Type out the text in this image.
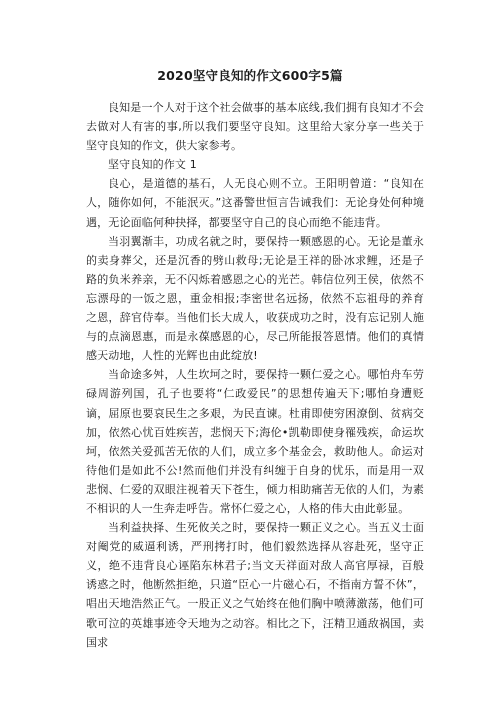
2020坚守良知的作文600字5篇

良知是一个人对于这个社会做事的基本底线,我们拥有良知才不会去做对人有害的事,所以我们要坚守良知。这里给大家分享一些关于坚守良知的作文，供大家参考。

坚守良知的作文 1

良心，是道德的基石，人无良心则不立。王阳明曾道：“良知在人，随你如何，不能泯灭。”这番警世恒言告诫我们：无论身处何种境遇，无论面临何种抉择，都要坚守自己的良心而绝不能违背。

当羽翼渐丰，功成名就之时，要保持一颗感恩的心。无论是董永的卖身葬父，还是沉香的劈山救母;无论是王祥的卧冰求鲤，还是子路的负米养亲，无不闪烁着感恩之心的光芒。韩信位列王侯，依然不忘漂母的一饭之恩，重金相报;李密世名远扬，依然不忘祖母的养育之恩，辞官侍奉。当他们长大成人，收获成功之时，没有忘记别人施与的点滴恩惠，而是永葆感恩的心，尽己所能报答恩情。他们的真情感天动地，人性的光辉也由此绽放!

当命途多舛，人生坎坷之时，要保持一颗仁爱之心。哪怕舟车劳碌周游列国，孔子也要将“仁政爱民”的思想传遍天下;哪怕身遭贬谪，屈原也要哀民生之多艰，为民直谏。杜甫即使穷困潦倒、贫病交加，依然心忧百姓疾苦，悲悯天下;海伦•凯勒即使身罹残疾，命运坎坷，依然关爱孤苦无依的人们，成立多个基金会，救助他人。命运对待他们是如此不公!然而他们并没有纠缠于自身的忧乐，而是用一双悲悯、仁爱的双眼注视着天下苍生，倾力相助痛苦无依的人们，为素不相识的人一生奔走呼告。常怀仁爱之心，人格的伟大由此彰显。

当利益抉择、生死攸关之时，要保持一颗正义之心。当五义士面对阉党的威逼利诱，严刑拷打时，他们毅然选择从容赴死，坚守正义，绝不违背良心诬陷东林君子;当文天祥面对敌人高官厚禄，百般诱惑之时，他断然拒绝，只道“臣心一片磁心石，不指南方誓不休”，唱出天地浩然正气。一股正义之气始终在他们胸中喷薄激荡，他们可歌可泣的英雄事迹令天地为之动容。相比之下，汪精卫通敌祸国，卖国求
